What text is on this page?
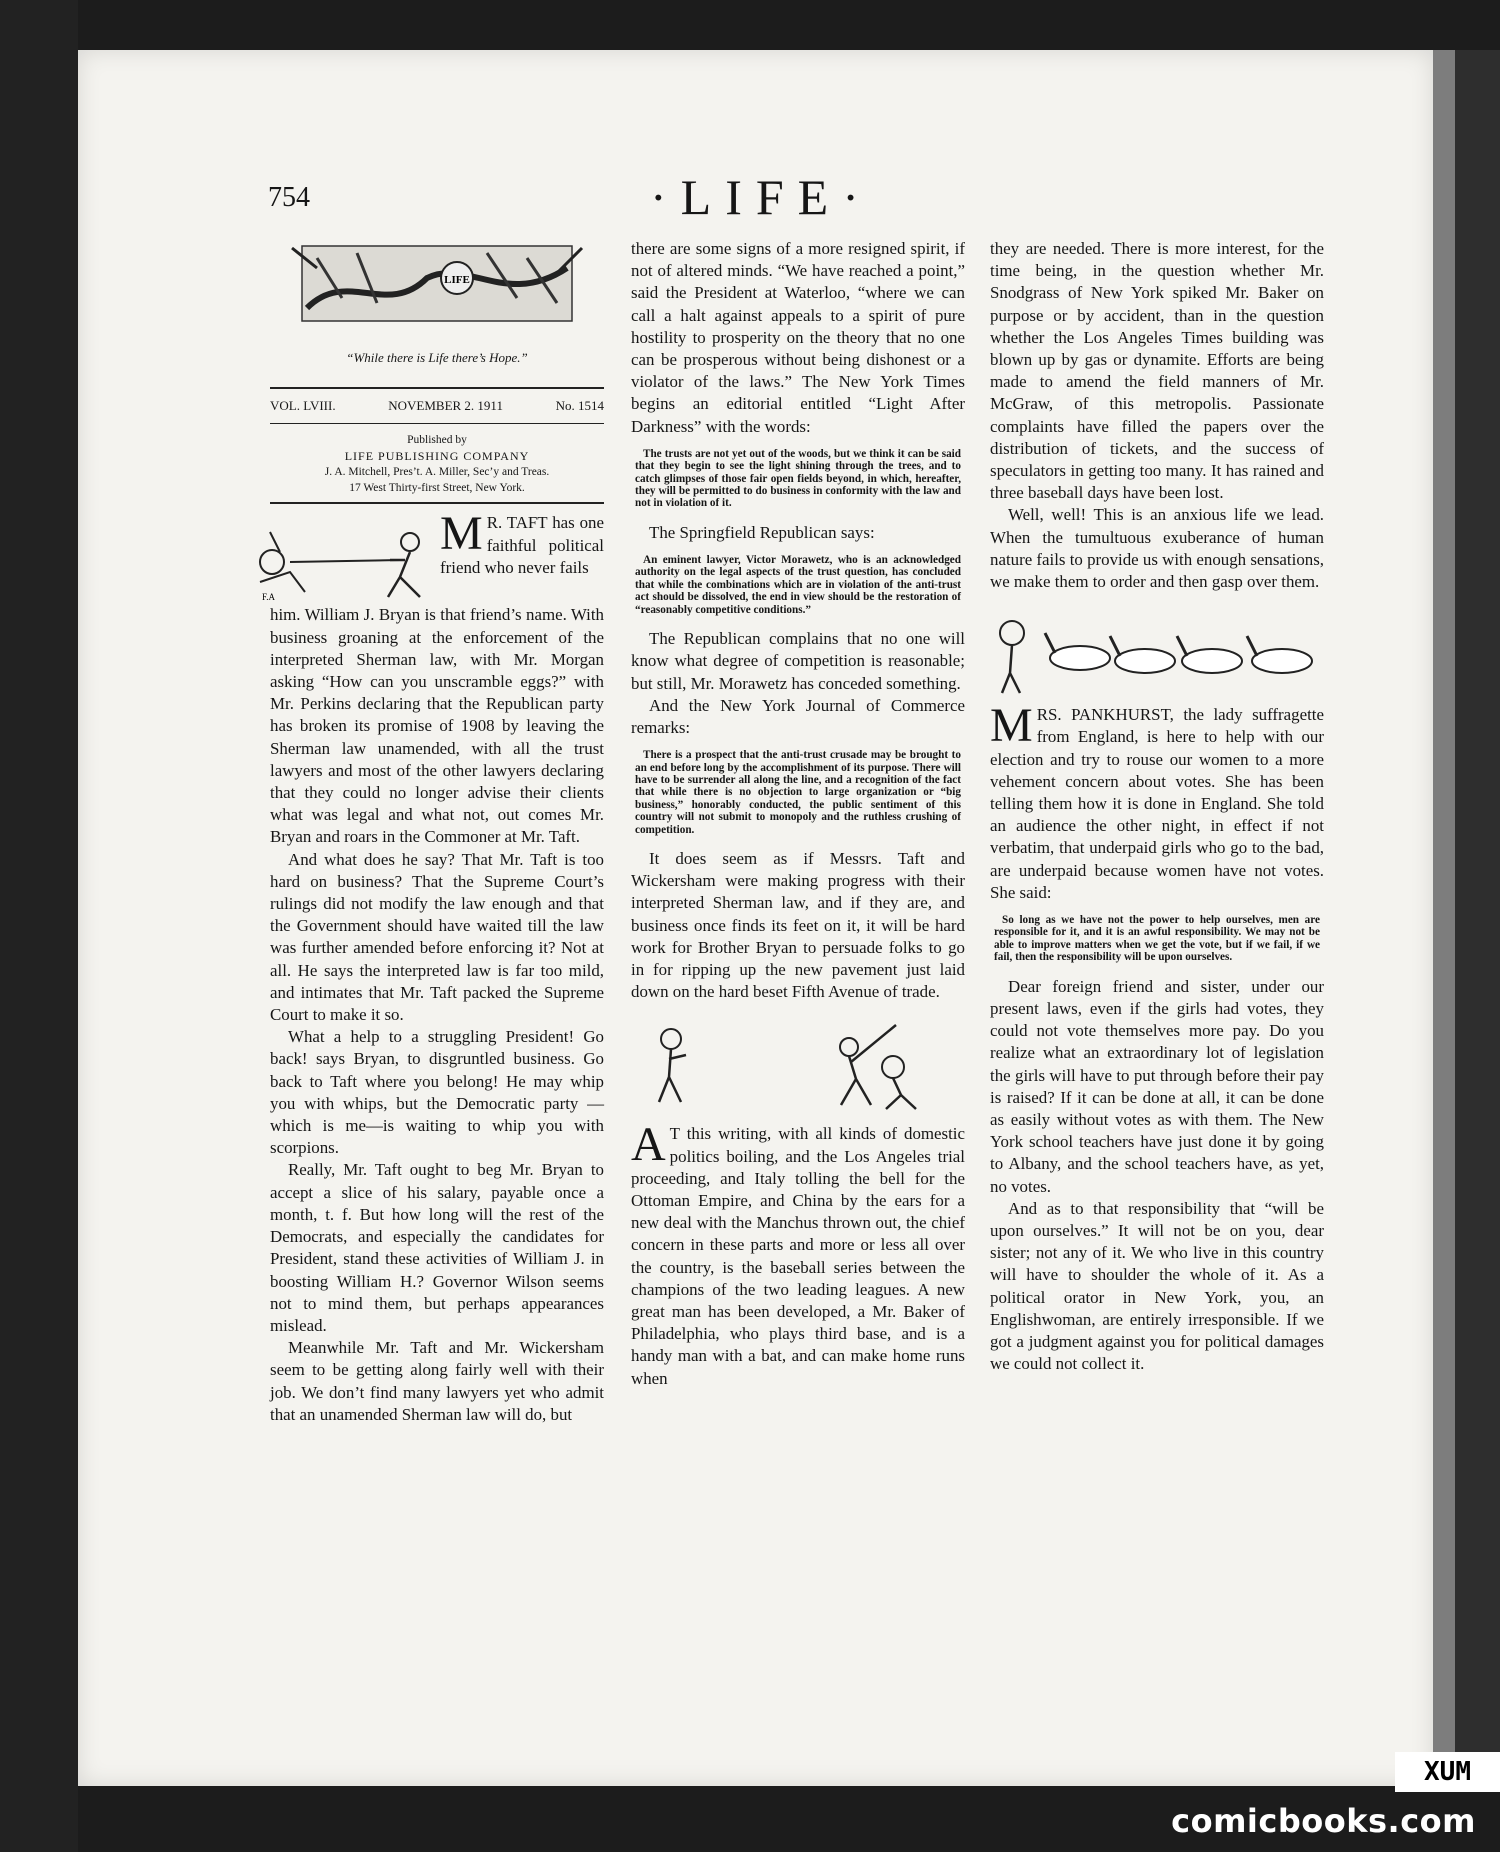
754	·LIFE·
LIFE
“While there is Life there’s Hope.”
VOL. LVIII.	NOVEMBER 2. 1911	No. 1514
Published by
LIFE PUBLISHING COMPANY
J. A. Mitchell, Pres’t. A. Miller, Sec’y and Treas.
17 West Thirty-first Street, New York.
F.A
M R. TAFT has one faithful political friend who never fails

him. William J. Bryan is that friend’s name. With business groaning at the enforcement of the interpreted Sherman law, with Mr. Morgan asking “How can you unscramble eggs?” with Mr. Perkins declaring that the Republican party has broken its promise of 1908 by leaving the Sherman law unamended, with all the trust lawyers and most of the other lawyers declaring that they could no longer advise their clients what was legal and what not, out comes Mr. Bryan and roars in the Commoner at Mr. Taft.

And what does he say? That Mr. Taft is too hard on business? That the Supreme Court’s rulings did not modify the law enough and that the Government should have waited till the law was further amended before enforcing it? Not at all. He says the interpreted law is far too mild, and intimates that Mr. Taft packed the Supreme Court to make it so.

What a help to a struggling President! Go back! says Bryan, to disgruntled business. Go back to Taft where you belong! He may whip you with whips, but the Democratic party —which is me—is waiting to whip you with scorpions.

Really, Mr. Taft ought to beg Mr. Bryan to accept a slice of his salary, payable once a month, t. f. But how long will the rest of the Democrats, and especially the candidates for President, stand these activities of William J. in boosting William H.? Governor Wilson seems not to mind them, but perhaps appearances mislead.

Meanwhile Mr. Taft and Mr. Wickersham seem to be getting along fairly well with their job. We don’t find many lawyers yet who admit that an unamended Sherman law will do, but

there are some signs of a more resigned spirit, if not of altered minds. “We have reached a point,” said the President at Waterloo, “where we can call a halt against appeals to a spirit of pure hostility to prosperity on the theory that no one can be prosperous without being dishonest or a violator of the laws.” The New York Times begins an editorial entitled “Light After Darkness” with the words:

The trusts are not yet out of the woods, but we think it can be said that they begin to see the light shining through the trees, and to catch glimpses of those fair open fields beyond, in which, hereafter, they will be permitted to do business in conformity with the law and not in violation of it.

The Springfield Republican says:

An eminent lawyer, Victor Morawetz, who is an acknowledged authority on the legal aspects of the trust question, has concluded that while the combinations which are in violation of the anti-trust act should be dissolved, the end in view should be the restoration of “reasonably competitive conditions.”

The Republican complains that no one will know what degree of competition is reasonable; but still, Mr. Morawetz has conceded something.

And the New York Journal of Commerce remarks:

There is a prospect that the anti-trust crusade may be brought to an end before long by the accomplishment of its purpose. There will have to be surrender all along the line, and a recognition of the fact that while there is no objection to large organization or “big business,” honorably conducted, the public sentiment of this country will not submit to monopoly and the ruthless crushing of competition.

It does seem as if Messrs. Taft and Wickersham were making progress with their interpreted Sherman law, and if they are, and business once finds its feet on it, it will be hard work for Brother Bryan to persuade folks to go in for ripping up the new pavement just laid down on the hard beset Fifth Avenue of trade.

A T this writing, with all kinds of domestic politics boiling, and the Los Angeles trial proceeding, and Italy tolling the bell for the Ottoman Empire, and China by the ears for a new deal with the Manchus thrown out, the chief concern in these parts and more or less all over the country, is the baseball series between the champions of the two leading leagues. A new great man has been developed, a Mr. Baker of Philadelphia, who plays third base, and is a handy man with a bat, and can make home runs when

they are needed. There is more interest, for the time being, in the question whether Mr. Snodgrass of New York spiked Mr. Baker on purpose or by accident, than in the question whether the Los Angeles Times building was blown up by gas or dynamite. Efforts are being made to amend the field manners of Mr. McGraw, of this metropolis. Passionate complaints have filled the papers over the distribution of tickets, and the success of speculators in getting too many. It has rained and three baseball days have been lost.

Well, well! This is an anxious life we lead. When the tumultuous exuberance of human nature fails to provide us with enough sensations, we make them to order and then gasp over them.

MRS. PANKHURST, the lady suffragette from England, is here to help with our election and try to rouse our women to a more vehement concern about votes. She has been telling them how it is done in England. She told an audience the other night, in effect if not verbatim, that underpaid girls who go to the bad, are underpaid because women have not votes. She said:

So long as we have not the power to help ourselves, men are responsible for it, and it is an awful responsibility. We may not be able to improve matters when we get the vote, but if we fail, if we fail, then the responsibility will be upon ourselves.

Dear foreign friend and sister, under our present laws, even if the girls had votes, they could not vote themselves more pay. Do you realize what an extraordinary lot of legislation the girls will have to put through before their pay is raised? If it can be done at all, it can be done as easily without votes as with them. The New York school teachers have just done it by going to Albany, and the school teachers have, as yet, no votes.

And as to that responsibility that “will be upon ourselves.” It will not be on you, dear sister; not any of it. We who live in this country will have to shoulder the whole of it. As a political orator in New York, you, an Englishwoman, are entirely irresponsible. If we got a judgment against you for political damages we could not collect it.

XUM
comicbooks.com
